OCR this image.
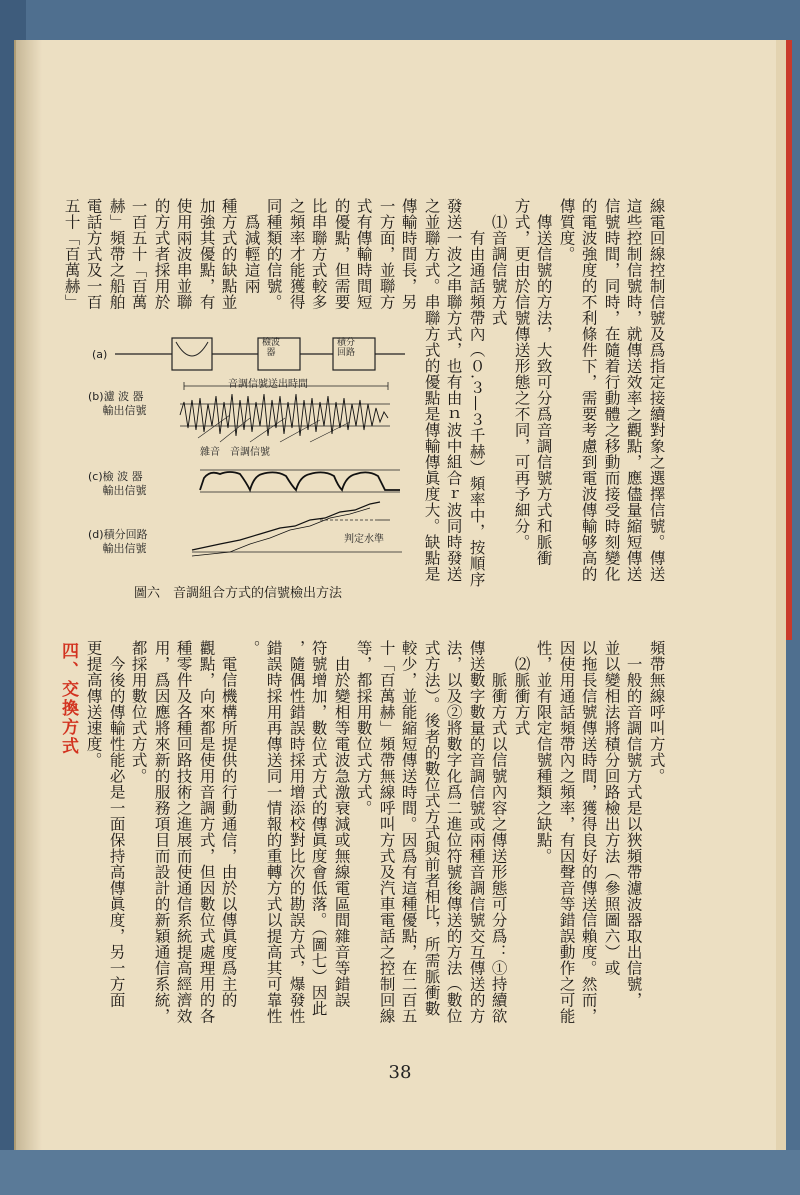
線電回線控制信號及爲指定接續對象之選擇信號。傳送
這些控制信號時，就傳送效率之觀點，應儘量縮短傳送
信號時間，同時，在隨着行動體之移動而接受時刻變化
的電波強度的不利條件下，需要考慮到電波傳輸够高的
傳質度。
　傳送信號的方法，大致可分爲音調信號方式和脈衝
方式，更由於信號傳送形態之不同，可再予細分。
　⑴音調信號方式
　　有由通話頻帶內（０.３—３千赫）頻率中，按順序
發送一波之串聯方式，也有由ｎ波中組合ｒ波同時發送
之並聯方式。串聯方式的優點是傳輸傳眞度大。缺點是
傳輸時間長，另
一方面，並聯方
式有傳輸時間短
的優點，但需要
比串聯方式較多
之頻率才能獲得
同種類的信號。
　爲減輕這兩
種方式的缺點並
加強其優點，有
使用兩波串並聯
的方式者採用於
一百五十「百萬
赫」頻帶之船舶
電話方式及一百
五十「百萬赫」
(a)
檢波
器
積分
回路
音調信號送出時間
(b)濾 波 器
　 輸出信號
雜音 音調信號
(c)檢 波 器
　 輸出信號
(d)積分回路
　 輸出信號
判定水準
圖六　音調組合方式的信號檢出方法
頻帶無線呼叫方式。
　一般的音調信號方式是以狹頻帶濾波器取出信號，
並以變相法將積分回路檢出方法（參照圖六）或
以拖長信號傳送時間，獲得良好的傳送信賴度。然而，
因使用通話頻帶內之頻率，有因聲音等錯誤動作之可能
性，並有限定信號種類之缺點。
　⑵脈衝方式
　　脈衝方式以信號內容之傳送形態可分爲：①持續欲
傳送數字數量的音調信號或兩種音調信號交互傳送的方
法，以及②將數字化爲二進位符號後傳送的方法（數位
式方法）。後者的數位式方式與前者相比，所需脈衝數
較少，並能縮短傳送時間。因爲有這種優點，在二百五
十「百萬赫」頻帶無線呼叫方式及汽車電話之控制回線
等，都採用數位式方式。
　由於變相等電波急激衰減或無線電區間雜音等錯誤
符號增加，數位式方式的傳眞度會低落。（圖七）因此
，隨偶性錯誤時採用增添校對比次的勘誤方式，爆發性
錯誤時採用再傳送同一情報的重轉方式以提高其可靠性
。
　電信機構所提供的行動通信，由於以傳眞度爲主的
觀點，向來都是使用音調方式，但因數位式處理用的各
種零件及各種回路技術之進展而使通信系統提高經濟效
用，爲因應將來新的服務項目而設計的新穎通信系統，
都採用數位式方式。
　今後的傳輸性能必是一面保持高傳眞度，另一方面
更提高傳送速度。
四、交換方式
38
